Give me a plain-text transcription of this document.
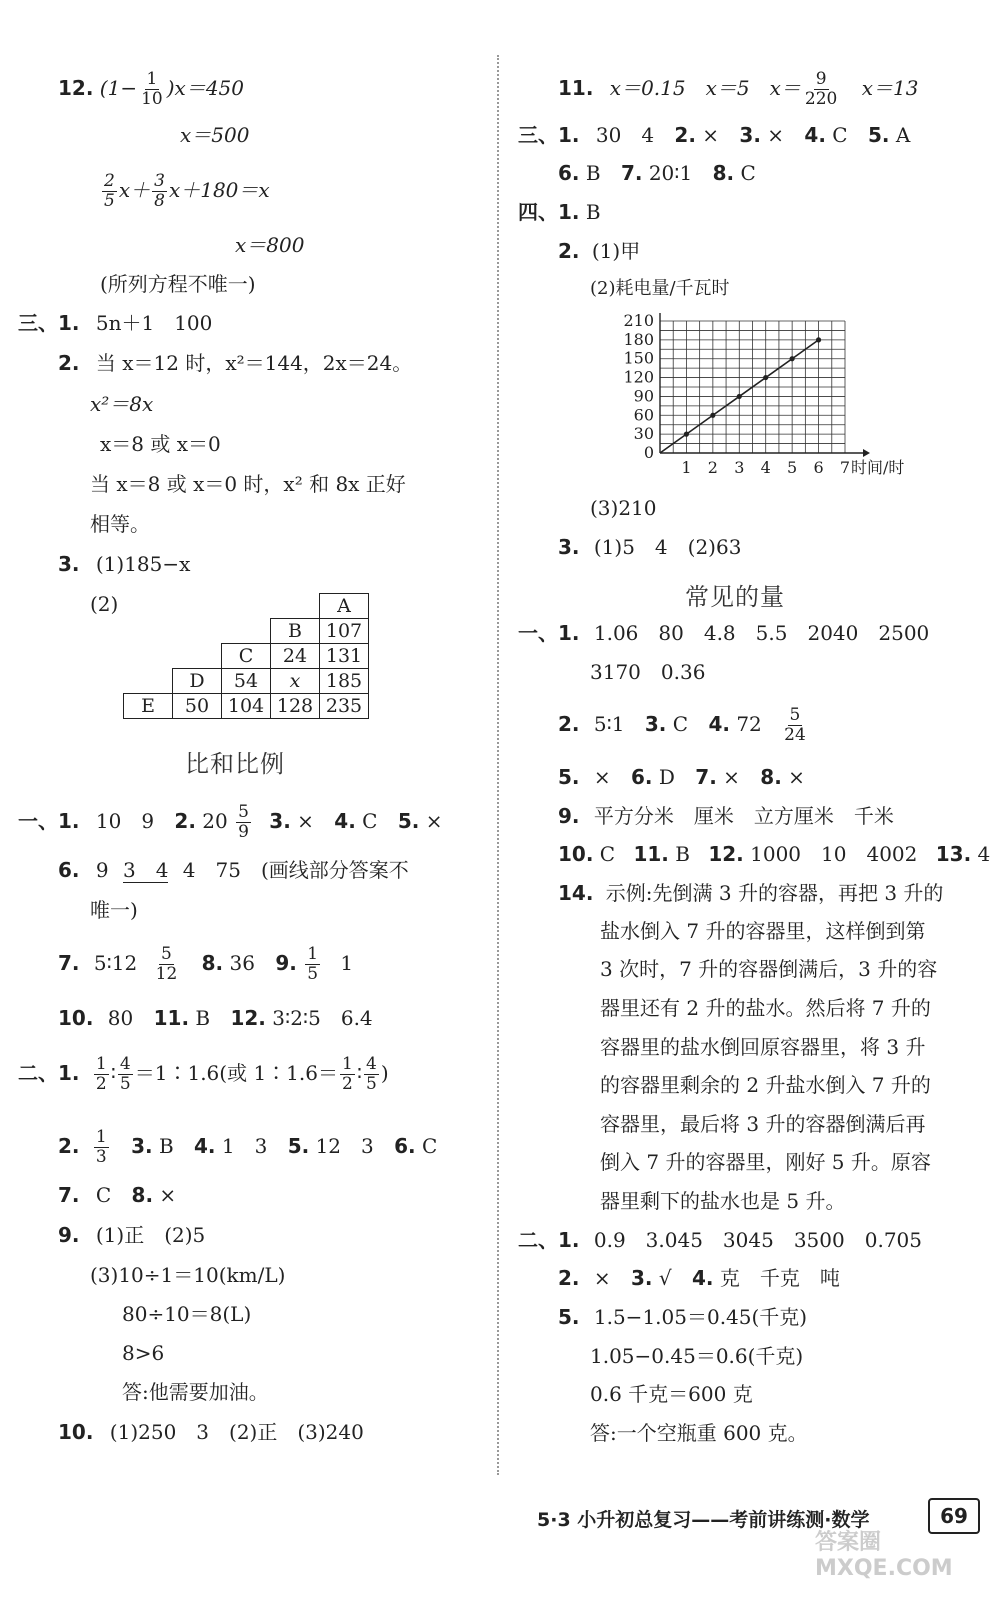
12. $(1- \frac{1}{10} )x=450$
x＝500
$\frac{2}{5} x+ \frac{3}{8} x+180=x$
x＝800
(所列方程不唯一)
三、1. 5n＋1　100
2. 当 x＝12 时，x²＝144，2x＝24。
x²＝8x
x＝8 或 x＝0
当 x＝8 或 x＝0 时，x² 和 8x 正好
相等。
3. (1)185−x
(2)
					A
			B	107
		C	24	131
	D	54	x	185
E	50	104	128	235
比和比例
一、1. 10　9 2. $20 \frac{5}{9} 3$. × 4. C 5. ×
6. 9 3　4 4　75　(画线部分答案不
唯一)
7. 5∶12 $\frac{5}{12} 8$. 36 9. $\frac{1}{5} 1$
10. 80 11. B 12. 3∶2∶5　6.4
二、1. $\frac{1}{2}$ ∶ $\frac{4}{5}$ ＝1∶1.6(或 1∶1.6＝ $\frac{1}{2}$ ∶ $\frac{4}{5}$ )
2. $\frac{1}{3} 3$. B 4. 1　3 5. 12　3 6. C
7. C 8. ×
9. (1)正　(2)5
(3)10÷1＝10(km/L)
80÷10＝8(L)
8>6
答:他需要加油。
10. (1)250　3　(2)正　(3)240
11. x＝0.15　x＝5　$x= \frac{9}{220} x=13$
三、1. 30　4 2. × 3. × 4. C 5. A
6. B 7. 20∶1 8. C
四、1. B
2. (1)甲
(2)耗电量/千瓦时
0
30
60
90
120
150
180
210
1 2 3 4 5 6 7 时间/时
(3)210
3. (1)5　4　(2)63
常见的量
一、1. 1.06　80　4.8　5.5　2040　2500
3170　0.36
2. 5∶1 3. C 4. $72 \frac{5}{24}$
5. × 6. D 7. × 8. ×
9. 平方分米　厘米　立方厘米　千米
10. C 11. B 12. 1000　10　4002 13. 4
14. 示例:先倒满 3 升的容器，再把 3 升的
盐水倒入 7 升的容器里，这样倒到第
3 次时，7 升的容器倒满后，3 升的容
器里还有 2 升的盐水。然后将 7 升的
容器里的盐水倒回原容器里，将 3 升
的容器里剩余的 2 升盐水倒入 7 升的
容器里，最后将 3 升的容器倒满后再
倒入 7 升的容器里，刚好 5 升。原容
器里剩下的盐水也是 5 升。
二、1. 0.9　3.045　3045　3500　0.705
2. × 3. √ 4. 克　千克　吨
5. 1.5−1.05＝0.45(千克)
1.05−0.45＝0.6(千克)
0.6 千克＝600 克
答:一个空瓶重 600 克。
5·3 小升初总复习——考前讲练测·数学	69
答案圈 MXQE.COM
